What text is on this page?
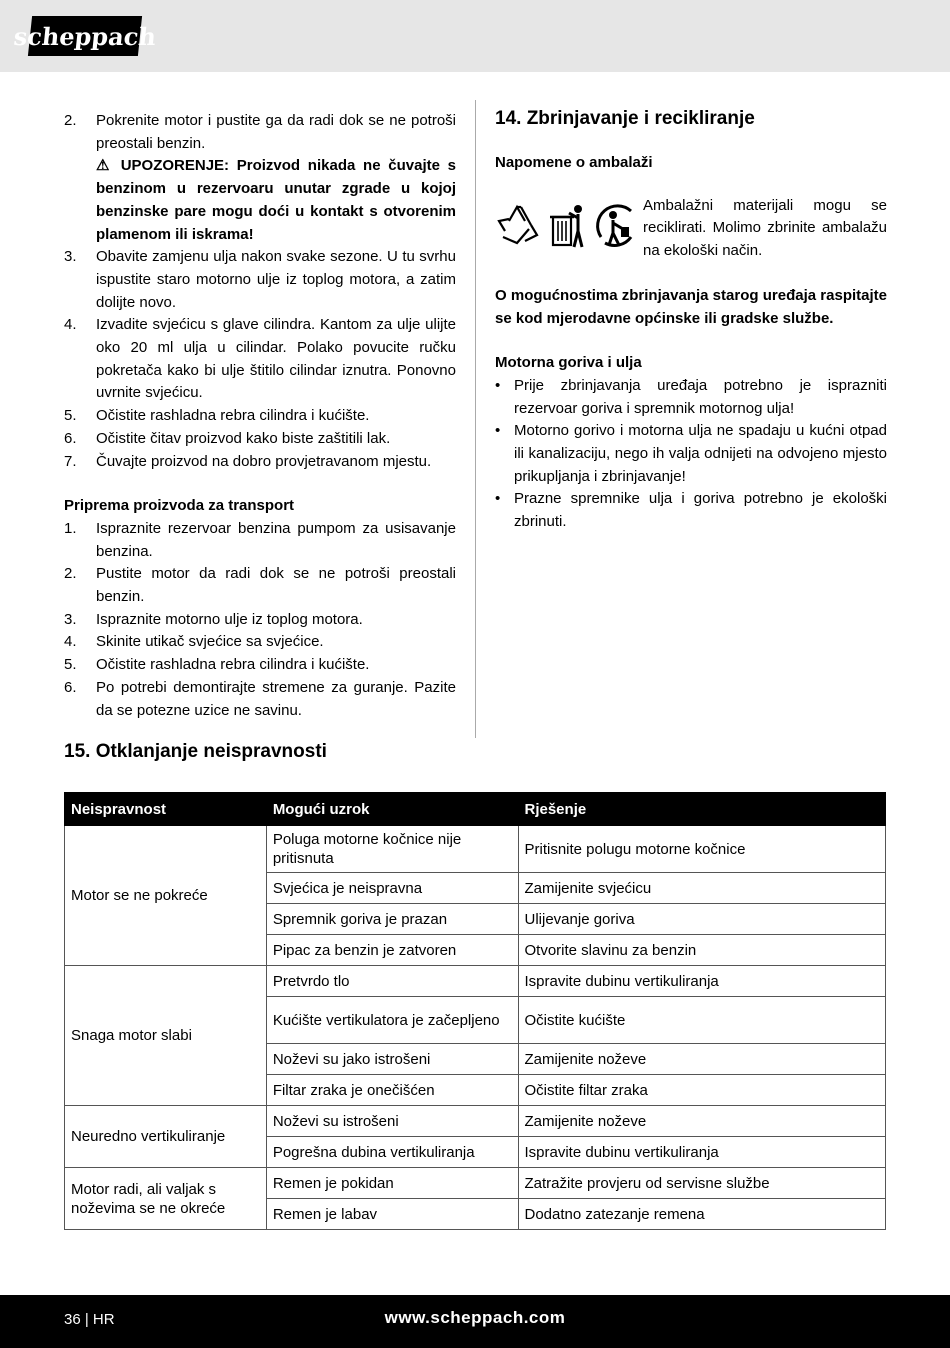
scheppach
2. Pokrenite motor i pustite ga da radi dok se ne potroši preostali benzin.
⚠ UPOZORENJE: Proizvod nikada ne čuvajte s benzinom u rezervoaru unutar zgrade u kojoj benzinske pare mogu doći u kontakt s otvorenim plamenom ili iskrama!
3. Obavite zamjenu ulja nakon svake sezone. U tu svrhu ispustite staro motorno ulje iz toplog motora, a zatim dolijte novo.
4. Izvadite svjećicu s glave cilindra. Kantom za ulje ulijte oko 20 ml ulja u cilindar. Polako povucite ručku pokretača kako bi ulje štitilo cilindar iznutra. Ponovno uvrnite svjećicu.
5. Očistite rashladna rebra cilindra i kućište.
6. Očistite čitav proizvod kako biste zaštitili lak.
7. Čuvajte proizvod na dobro provjetravanom mjestu.
Priprema proizvoda za transport
1. Ispraznite rezervoar benzina pumpom za usisavanje benzina.
2. Pustite motor da radi dok se ne potroši preostali benzin.
3. Ispraznite motorno ulje iz toplog motora.
4. Skinite utikač svjećice sa svjećice.
5. Očistite rashladna rebra cilindra i kućište.
6. Po potrebi demontirajte stremene za guranje. Pazite da se potezne uzice ne savinu.
14. Zbrinjavanje i recikliranje
Napomene o ambalaži
Ambalažni materijali mogu se reciklirati. Molimo zbrinite ambalažu na ekološki način.
O mogućnostima zbrinjavanja starog uređaja raspitajte se kod mjerodavne općinske ili gradske službe.
Motorna goriva i ulja
• Prije zbrinjavanja uređaja potrebno je isprazniti rezervoar goriva i spremnik motornog ulja!
• Motorno gorivo i motorna ulja ne spadaju u kućni otpad ili kanalizaciju, nego ih valja odnijeti na odvojeno mjesto prikupljanja i zbrinjavanje!
• Prazne spremnike ulja i goriva potrebno je ekološki zbrinuti.
15. Otklanjanje neispravnosti
Neispravnost	Mogući uzrok	Rješenje
Motor se ne pokreće	Poluga motorne kočnice nije pritisnuta	Pritisnite polugu motorne kočnice
	Svjećica je neispravna	Zamijenite svjećicu
	Spremnik goriva je prazan	Ulijevanje goriva
	Pipac za benzin je zatvoren	Otvorite slavinu za benzin
Snaga motor slabi	Pretvrdo tlo	Ispravite dubinu vertikuliranja
	Kućište vertikulatora je začepljeno	Očistite kućište
	Noževi su jako istrošeni	Zamijenite noževe
	Filtar zraka je onečišćen	Očistite filtar zraka
Neuredno vertikuliranje	Noževi su istrošeni	Zamijenite noževe
	Pogrešna dubina vertikuliranja	Ispravite dubinu vertikuliranja
Motor radi, ali valjak s noževima se ne okreće	Remen je pokidan	Zatražite provjeru od servisne službe
	Remen je labav	Dodatno zatezanje remena
36 | HR	www.scheppach.com
